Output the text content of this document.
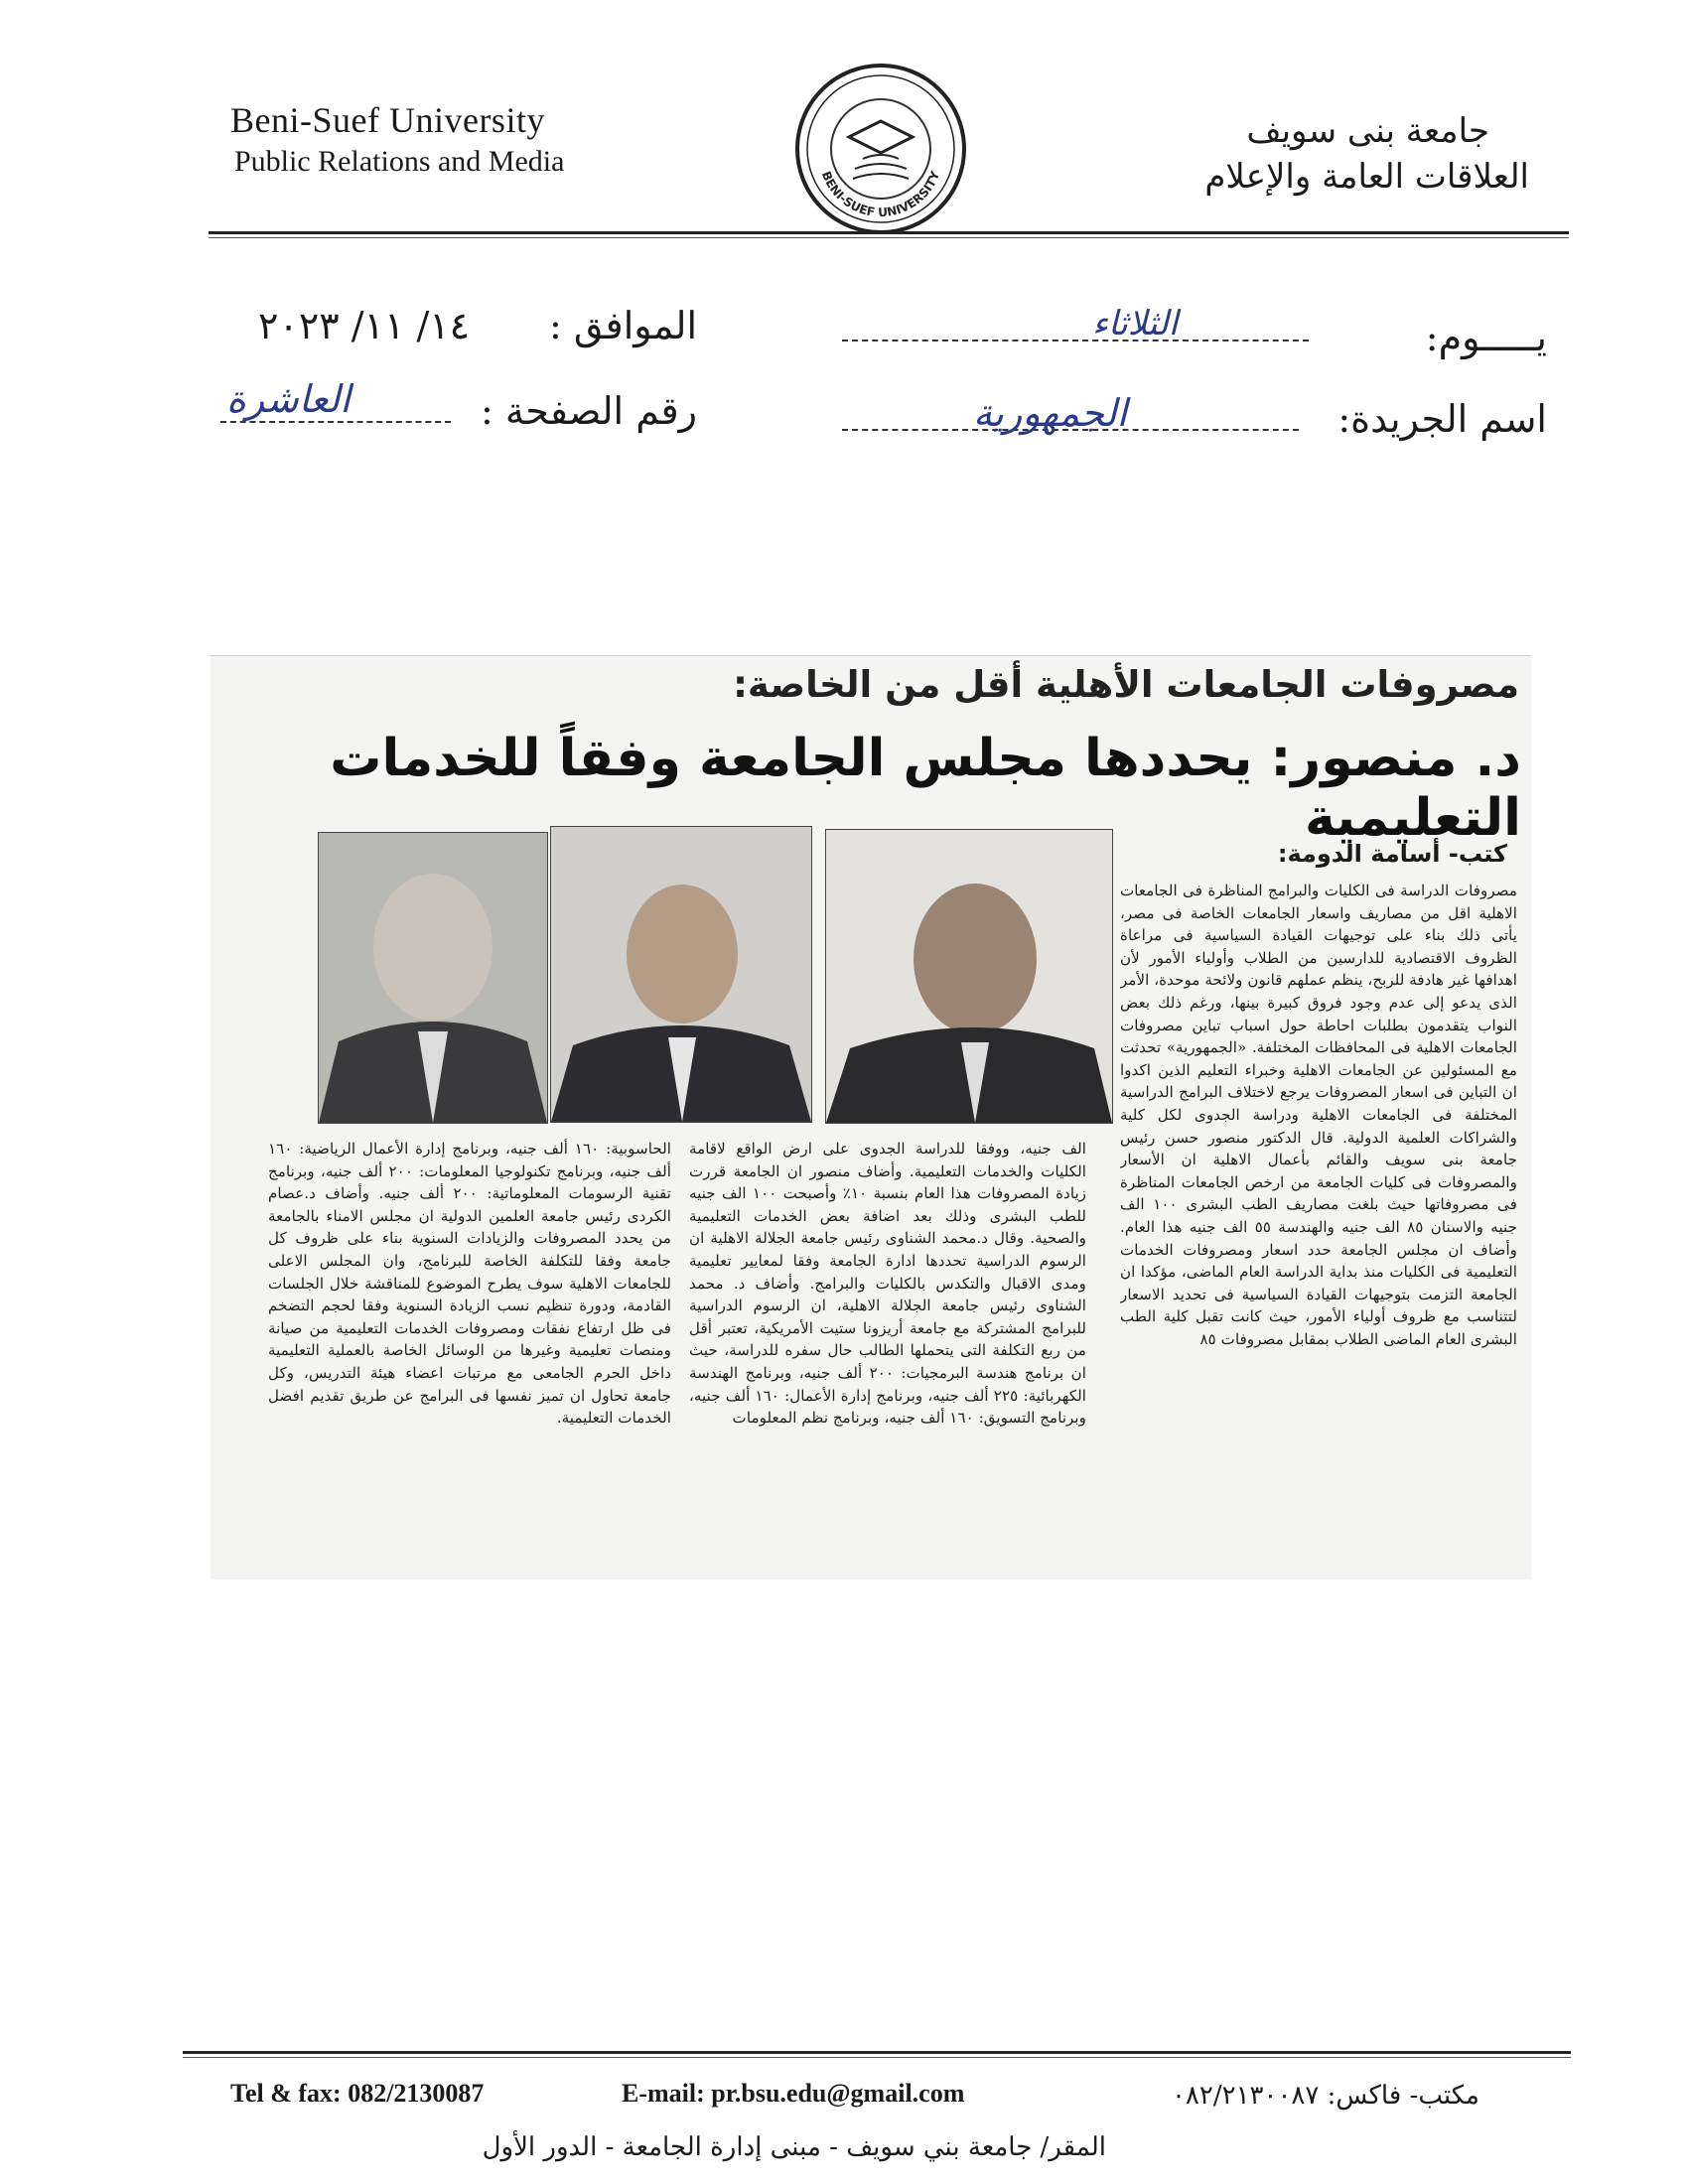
Beni-Suef University
Public Relations and Media	BENI-SUEF UNIVERSITY
جامعة بنى سويف
العلاقات العامة والإعلام
يـــــوم:
الثلاثاء
الموافق :
١٤/ ١١/ ٢٠٢٣
اسم الجريدة:
الجمهورية
رقم الصفحة :
العاشرة
مصروفات الجامعات الأهلية أقل من الخاصة:
د. منصور: يحددها مجلس الجامعة وفقاً للخدمات التعليمية
كتب- أسامة الدومة:
مصروفات الدراسة فى الكليات والبرامج المناظرة فى الجامعات الاهلية اقل من مصاريف واسعار الجامعات الخاصة فى مصر، يأتى ذلك بناء على توجيهات القيادة السياسية فى مراعاة الظروف الاقتصادية للدارسين من الطلاب وأولياء الأمور لأن اهدافها غير هادفة للربح، ينظم عملهم قانون ولائحة موحدة، الأمر الذى يدعو إلى عدم وجود فروق كبيرة بينها، ورغم ذلك بعض النواب يتقدمون بطلبات احاطة حول اسباب تباين مصروفات الجامعات الاهلية فى المحافظات المختلفة. «الجمهورية» تحدثت مع المسئولين عن الجامعات الاهلية وخبراء التعليم الذين اكدوا ان التباين فى اسعار المصروفات يرجع لاختلاف البرامج الدراسية المختلفة فى الجامعات الاهلية ودراسة الجدوى لكل كلية والشراكات العلمية الدولية. قال الدكتور منصور حسن رئيس جامعة بنى سويف والقائم بأعمال الاهلية ان الأسعار والمصروفات فى كليات الجامعة من ارخص الجامعات المناظرة فى مصروفاتها حيث بلغت مصاريف الطب البشرى ١٠٠ الف جنيه والاسنان ٨٥ الف جنيه والهندسة ٥٥ الف جنيه هذا العام. وأضاف ان مجلس الجامعة حدد اسعار ومصروفات الخدمات التعليمية فى الكليات منذ بداية الدراسة العام الماضى، مؤكدا ان الجامعة التزمت بتوجيهات القيادة السياسية فى تحديد الاسعار لتتناسب مع ظروف أولياء الأمور، حيث كانت تقبل كلية الطب البشرى العام الماضى الطلاب بمقابل مصروفات ٨٥
الف جنيه، ووفقا للدراسة الجدوى على ارض الواقع لاقامة الكليات والخدمات التعليمية. وأضاف منصور ان الجامعة قررت زيادة المصروفات هذا العام بنسبة ١٠٪ وأصبحت ١٠٠ الف جنيه للطب البشرى وذلك بعد اضافة بعض الخدمات التعليمية والصحية. وقال د.محمد الشناوى رئيس جامعة الجلالة الاهلية ان الرسوم الدراسية تحددها ادارة الجامعة وفقا لمعايير تعليمية ومدى الاقبال والتكدس بالكليات والبرامج. وأضاف د. محمد الشناوى رئيس جامعة الجلالة الاهلية، ان الرسوم الدراسية للبرامج المشتركة مع جامعة أريزونا ستيت الأمريكية، تعتبر أقل من ربع التكلفة التى يتحملها الطالب حال سفره للدراسة، حيث ان برنامج هندسة البرمجيات: ٢٠٠ ألف جنيه، وبرنامج الهندسة الكهربائية: ٢٢٥ ألف جنيه، وبرنامج إدارة الأعمال: ١٦٠ ألف جنيه، وبرنامج التسويق: ١٦٠ ألف جنيه، وبرنامج نظم المعلومات
الحاسوبية: ١٦٠ ألف جنيه، وبرنامج إدارة الأعمال الرياضية: ١٦٠ ألف جنيه، وبرنامج تكنولوجيا المعلومات: ٢٠٠ ألف جنيه، وبرنامج تقنية الرسومات المعلوماتية: ٢٠٠ ألف جنيه. وأضاف د.عصام الكردى رئيس جامعة العلمين الدولية ان مجلس الامناء بالجامعة من يحدد المصروفات والزيادات السنوية بناء على ظروف كل جامعة وفقا للتكلفة الخاصة للبرنامج، وان المجلس الاعلى للجامعات الاهلية سوف يطرح الموضوع للمناقشة خلال الجلسات القادمة، ودورة تنظيم نسب الزيادة السنوية وفقا لحجم التضخم فى ظل ارتفاع نفقات ومصروفات الخدمات التعليمية من صيانة ومنصات تعليمية وغيرها من الوسائل الخاصة بالعملية التعليمية داخل الحرم الجامعى مع مرتبات اعضاء هيئة التدريس، وكل جامعة تحاول ان تميز نفسها فى البرامج عن طريق تقديم افضل الخدمات التعليمية.
Tel & fax: 082/2130087	E-mail: pr.bsu.edu@gmail.com	مكتب- فاكس: ٠٨٢/٢١٣٠٠٨٧
المقر/ جامعة بني سويف - مبنى إدارة الجامعة - الدور الأول
